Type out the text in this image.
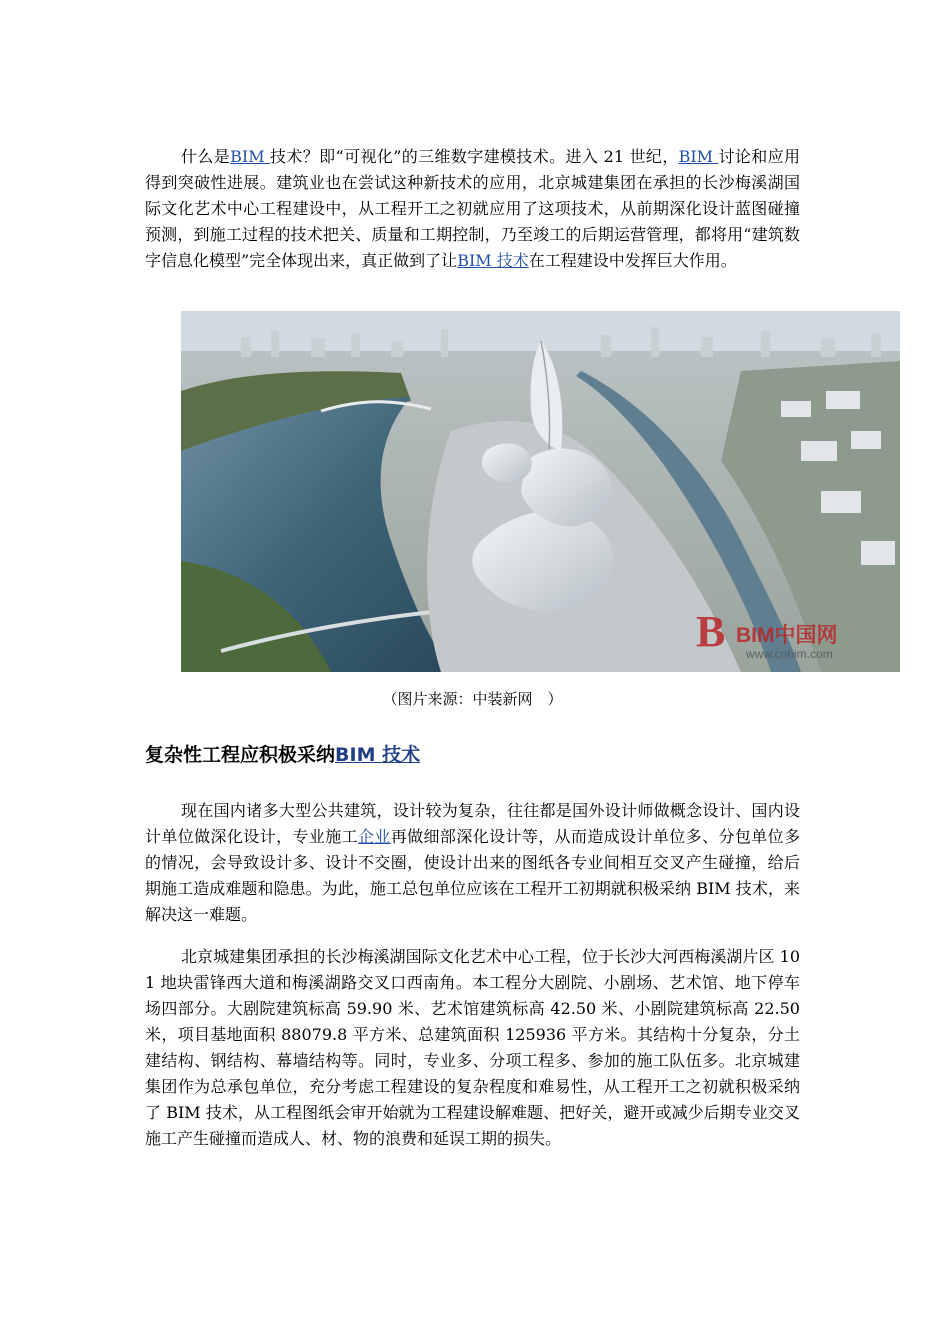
什么是BIM 技术？即“可视化”的三维数字建模技术。进入 21 世纪，BIM 讨论和应用得到突破性进展。建筑业也在尝试这种新技术的应用，北京城建集团在承担的长沙梅溪湖国际文化艺术中心工程建设中，从工程开工之初就应用了这项技术，从前期深化设计蓝图碰撞预测，到施工过程的技术把关、质量和工期控制，乃至竣工的后期运营管理，都将用“建筑数字信息化模型”完全体现出来，真正做到了让BIM 技术在工程建设中发挥巨大作用。

B BIM中国网
www.cnbim.com
（图片来源：中装新网　）
复杂性工程应积极采纳BIM 技术

现在国内诸多大型公共建筑，设计较为复杂，往往都是国外设计师做概念设计、国内设计单位做深化设计，专业施工企业再做细部深化设计等，从而造成设计单位多、分包单位多的情况，会导致设计多、设计不交圈，使设计出来的图纸各专业间相互交叉产生碰撞，给后期施工造成难题和隐患。为此，施工总包单位应该在工程开工初期就积极采纳 BIM 技术，来解决这一难题。

北京城建集团承担的长沙梅溪湖国际文化艺术中心工程，位于长沙大河西梅溪湖片区 101 地块雷锋西大道和梅溪湖路交叉口西南角。本工程分大剧院、小剧场、艺术馆、地下停车场四部分。大剧院建筑标高 59.90 米、艺术馆建筑标高 42.50 米、小剧院建筑标高 22.50 米，项目基地面积 88079.8 平方米、总建筑面积 125936 平方米。其结构十分复杂，分土建结构、钢结构、幕墙结构等。同时，专业多、分项工程多、参加的施工队伍多。北京城建集团作为总承包单位，充分考虑工程建设的复杂程度和难易性，从工程开工之初就积极采纳了 BIM 技术，从工程图纸会审开始就为工程建设解难题、把好关，避开或减少后期专业交叉施工产生碰撞而造成人、材、物的浪费和延误工期的损失。
